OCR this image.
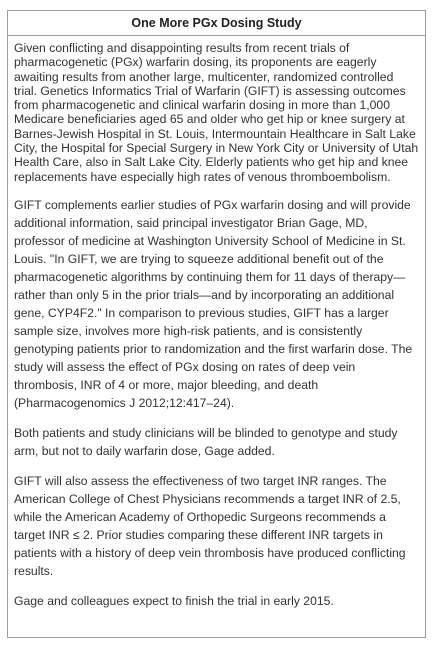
One More PGx Dosing Study

Given conflicting and disappointing results from recent trials of pharmacogenetic (PGx) warfarin dosing, its proponents are eagerly awaiting results from another large, multicenter, randomized controlled trial. Genetics Informatics Trial of Warfarin (GIFT) is assessing outcomes from pharmacogenetic and clinical warfarin dosing in more than 1,000 Medicare beneficiaries aged 65 and older who get hip or knee surgery at Barnes-Jewish Hospital in St. Louis, Intermountain Healthcare in Salt Lake City, the Hospital for Special Surgery in New York City or University of Utah Health Care, also in Salt Lake City. Elderly patients who get hip and knee replacements have especially high rates of venous thromboembolism.

GIFT complements earlier studies of PGx warfarin dosing and will provide additional information, said principal investigator Brian Gage, MD, professor of medicine at Washington University School of Medicine in St. Louis. "In GIFT, we are trying to squeeze additional benefit out of the pharmacogenetic algorithms by continuing them for 11 days of therapy—rather than only 5 in the prior trials—and by incorporating an additional gene, CYP4F2." In comparison to previous studies, GIFT has a larger sample size, involves more high-risk patients, and is consistently genotyping patients prior to randomization and the first warfarin dose. The study will assess the effect of PGx dosing on rates of deep vein thrombosis, INR of 4 or more, major bleeding, and death (Pharmacogenomics J 2012;12:417–24).

Both patients and study clinicians will be blinded to genotype and study arm, but not to daily warfarin dose, Gage added.

GIFT will also assess the effectiveness of two target INR ranges. The American College of Chest Physicians recommends a target INR of 2.5, while the American Academy of Orthopedic Surgeons recommends a target INR ≤ 2. Prior studies comparing these different INR targets in patients with a history of deep vein thrombosis have produced conflicting results.

Gage and colleagues expect to finish the trial in early 2015.
